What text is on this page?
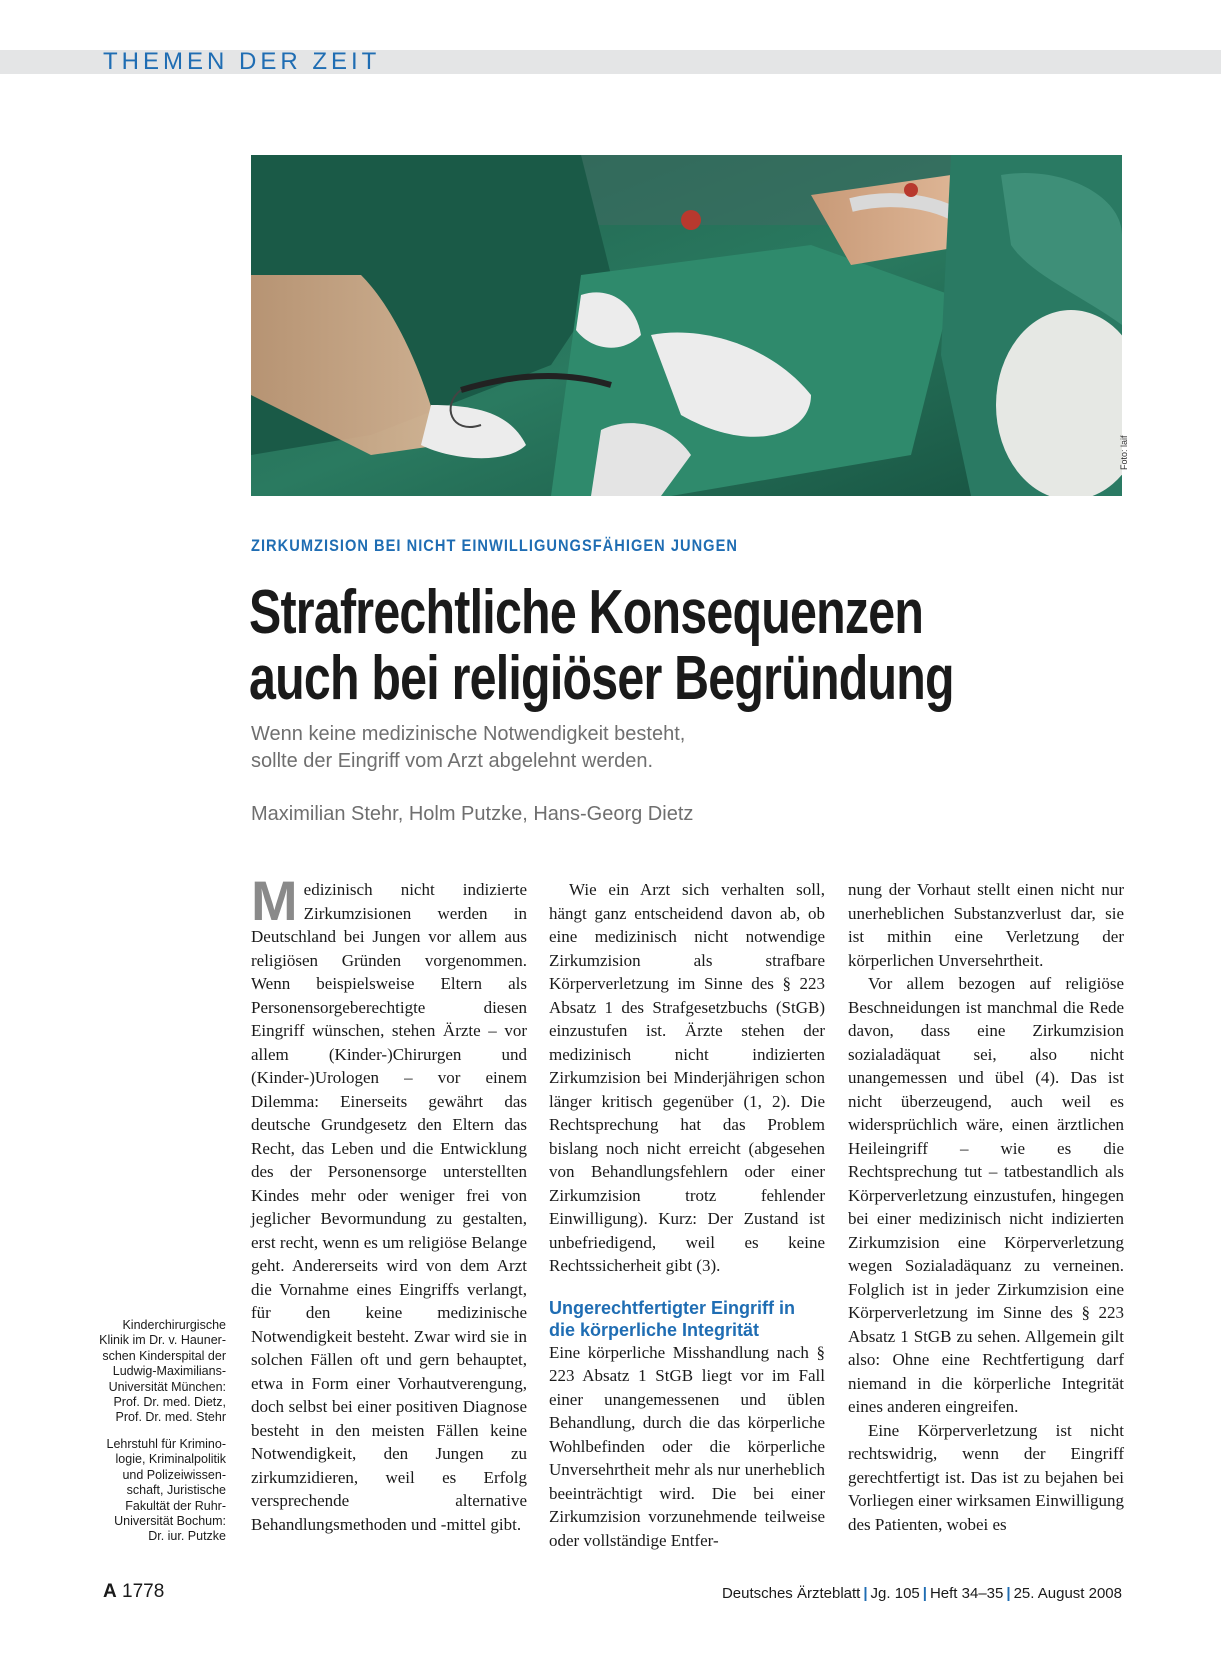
THEMEN DER ZEIT
Foto: laif
ZIRKUMZISION BEI NICHT EINWILLIGUNGSFÄHIGEN JUNGEN
Strafrechtliche Konsequenzen
auch bei religiöser Begründung
Wenn keine medizinische Notwendigkeit besteht,
sollte der Eingriff vom Arzt abgelehnt werden.
Maximilian Stehr, Holm Putzke, Hans-Georg Dietz

Medizinisch nicht indizierte Zirkumzisionen werden in Deutschland bei Jungen vor allem aus religiösen Gründen vorgenommen. Wenn beispielsweise Eltern als Personensorgeberechtigte diesen Eingriff wünschen, stehen Ärzte – vor allem (Kinder-)Chirurgen und (Kinder-)Urologen – vor einem Dilemma: Einerseits gewährt das deutsche Grundgesetz den Eltern das Recht, das Leben und die Entwicklung des der Personensorge unterstellten Kindes mehr oder weniger frei von jeglicher Bevormundung zu gestalten, erst recht, wenn es um religiöse Belange geht. Andererseits wird von dem Arzt die Vornahme eines Eingriffs verlangt, für den keine medizinische Notwendigkeit besteht. Zwar wird sie in solchen Fällen oft und gern behauptet, etwa in Form einer Vorhautverengung, doch selbst bei einer positiven Diagnose besteht in den meisten Fällen keine Notwendigkeit, den Jungen zu zirkumzidieren, weil es Erfolg versprechende alternative Behandlungsmethoden und -mittel gibt.

Wie ein Arzt sich verhalten soll, hängt ganz entscheidend davon ab, ob eine medizinisch nicht notwendige Zirkumzision als strafbare Körperverletzung im Sinne des § 223 Absatz 1 des Strafgesetzbuchs (StGB) einzustufen ist. Ärzte stehen der medizinisch nicht indizierten Zirkumzision bei Minderjährigen schon länger kritisch gegenüber (1, 2). Die Rechtsprechung hat das Problem bislang noch nicht erreicht (abgesehen von Behandlungsfehlern oder einer Zirkumzision trotz fehlender Einwilligung). Kurz: Der Zustand ist unbefriedigend, weil es keine Rechtssicherheit gibt (3).

Ungerechtfertigter Eingriff in
die körperliche Integrität

Eine körperliche Misshandlung nach § 223 Absatz 1 StGB liegt vor im Fall einer unangemessenen und üblen Behandlung, durch die das körperliche Wohlbefinden oder die körperliche Unversehrtheit mehr als nur unerheblich beeinträchtigt wird. Die bei einer Zirkumzision vorzunehmende teilweise oder vollständige Entfer-

nung der Vorhaut stellt einen nicht nur unerheblichen Substanzverlust dar, sie ist mithin eine Verletzung der körperlichen Unversehrtheit.

Vor allem bezogen auf religiöse Beschneidungen ist manchmal die Rede davon, dass eine Zirkumzision sozialadäquat sei, also nicht unangemessen und übel (4). Das ist nicht überzeugend, auch weil es widersprüchlich wäre, einen ärztlichen Heileingriff – wie es die Rechtsprechung tut – tatbestandlich als Körperverletzung einzustufen, hingegen bei einer medizinisch nicht indizierten Zirkumzision eine Körperverletzung wegen Sozialadäquanz zu verneinen. Folglich ist in jeder Zirkumzision eine Körperverletzung im Sinne des § 223 Absatz 1 StGB zu sehen. Allgemein gilt also: Ohne eine Rechtfertigung darf niemand in die körperliche Integrität eines anderen eingreifen.

Eine Körperverletzung ist nicht rechtswidrig, wenn der Eingriff gerechtfertigt ist. Das ist zu bejahen bei Vorliegen einer wirksamen Einwilligung des Patienten, wobei es

Kinderchirurgische
Klinik im Dr. v. Hauner-
schen Kinderspital der
Ludwig-Maximilians-
Universität München:
Prof. Dr. med. Dietz,
Prof. Dr. med. Stehr
Lehrstuhl für Krimino-
logie, Kriminalpolitik
und Polizeiwissen-
schaft, Juristische
Fakultät der Ruhr-
Universität Bochum:
Dr. iur. Putzke
A 1778	Deutsches Ärzteblatt | Jg. 105 | Heft 34–35 | 25. August 2008
